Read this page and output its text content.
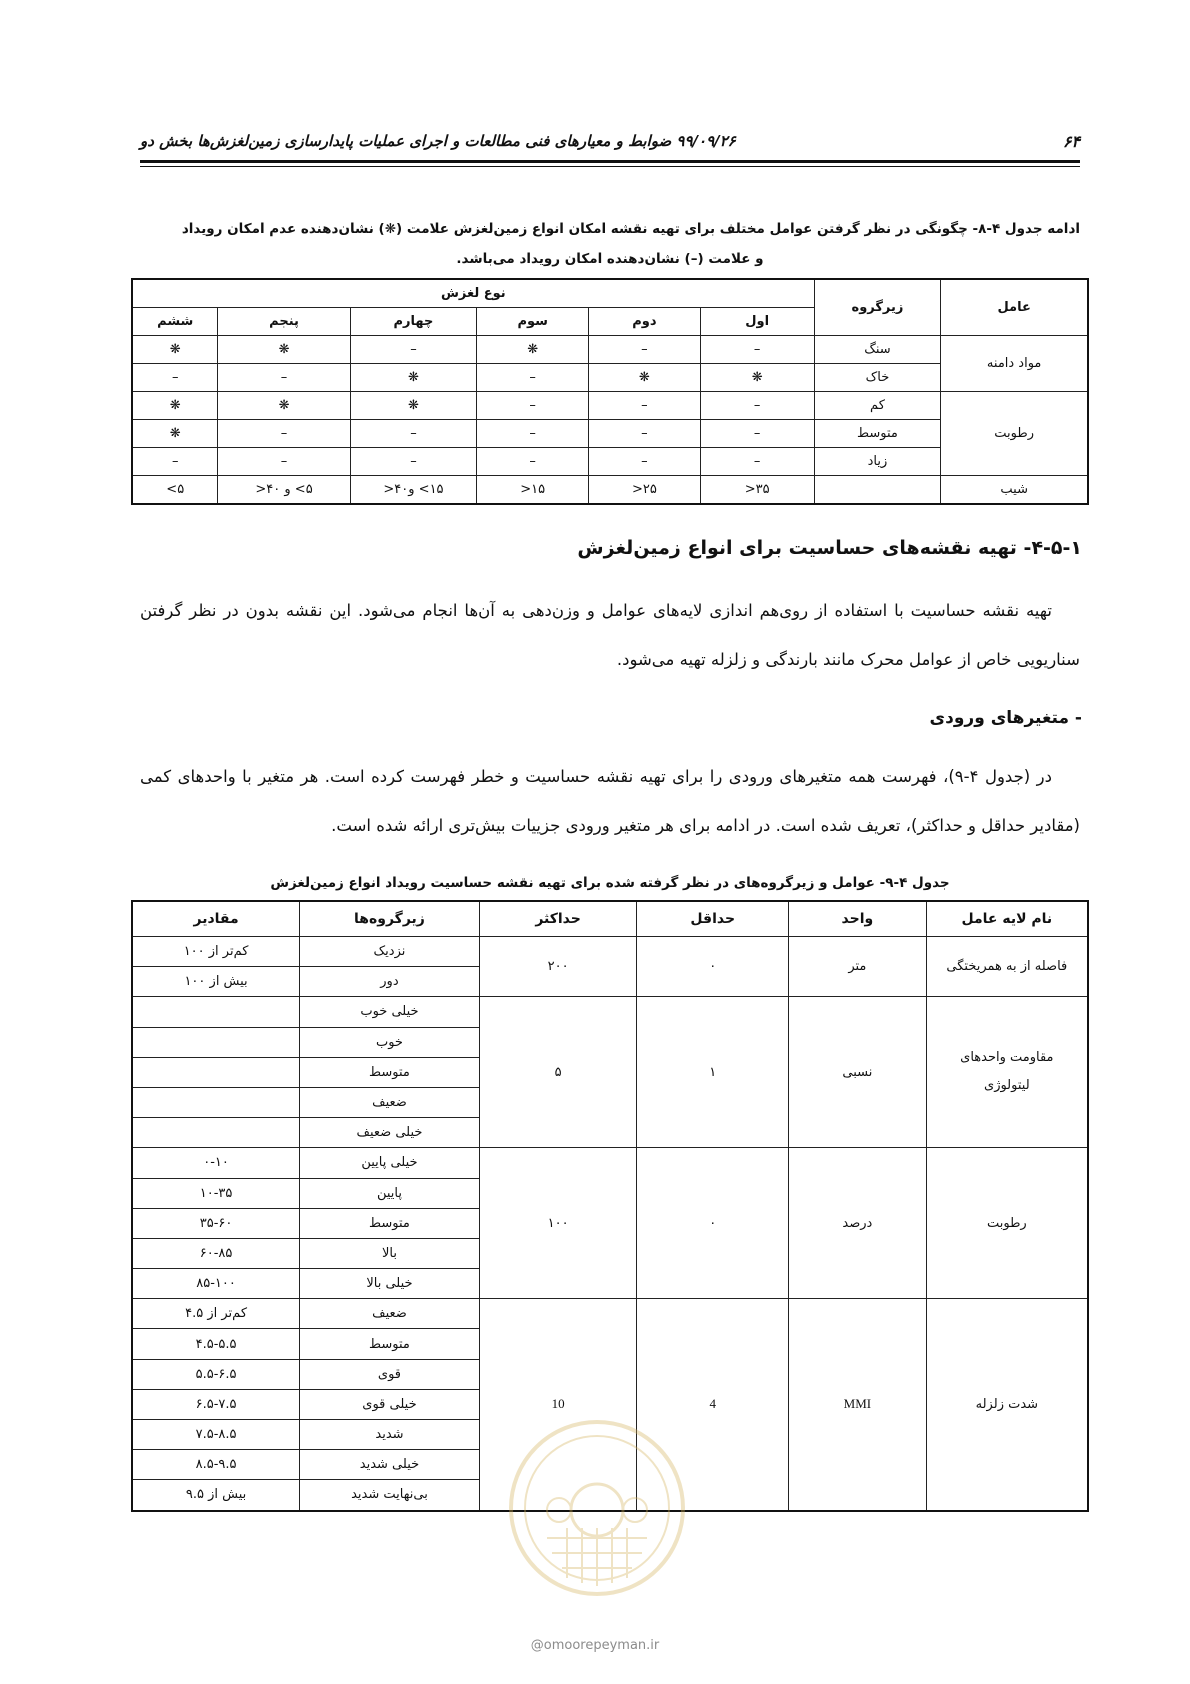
۶۴
۹۹/۰۹/۲۶ ضوابط و معیارهای فنی مطالعات و اجرای عملیات پایدارسازی زمین‌لغزش‌ها بخش دو
ادامه جدول ۴-۸- چگونگی در نظر گرفتن عوامل مختلف برای تهیه نقشه امکان انواع زمین‌لغزش علامت (❋) نشان‌دهنده عدم امکان رویداد
و علامت (–) نشان‌دهنده امکان رویداد می‌باشد.
عامل	زیرگروه	نوع لغزش					
		اول	دوم	سوم	چهارم	پنجم	ششم
مواد دامنه	سنگ	–	–	❋	–	❋	❋
	خاک	❋	❋	–	❋	–	–
رطوبت	کم	–	–	–	❋	❋	❋
	متوسط	–	–	–	–	–	❋
	زیاد	–	–	–	–	–	–
شیب		۳۵<	۲۵<	۱۵<	۱۵> و۴۰<	۵> و ۴۰<	۵>
۴-۵-۱- تهیه نقشه‌های حساسیت برای انواع زمین‌لغزش
تهیه نقشه حساسیت با استفاده از روی‌هم اندازی لایه‌های عوامل و وزن‌دهی به آن‌ها انجام می‌شود. این نقشه بدون در نظر گرفتن سناریویی خاص از عوامل محرک مانند بارندگی و زلزله تهیه می‌شود.
- متغیرهای ورودی
در (جدول ۴-۹)، فهرست همه متغیرهای ورودی را برای تهیه نقشه حساسیت و خطر فهرست کرده است. هر متغیر با واحدهای کمی (مقادیر حداقل و حداکثر)، تعریف شده است. در ادامه برای هر متغیر ورودی جزییات بیش‌تری ارائه شده است.
جدول ۴-۹- عوامل و زیرگروه‌های در نظر گرفته شده برای تهیه نقشه حساسیت رویداد انواع زمین‌لغزش
نام لایه عامل	واحد	حداقل	حداکثر	زیرگروه‌ها	مقادیر
فاصله از به همریختگی	متر	۰	۲۰۰	نزدیک	کم‌تر از ۱۰۰
				دور	بیش از ۱۰۰
مقاومت واحدهای لیتولوژی	نسبی	۱	۵	خیلی خوب	
				خوب	
				متوسط	
				ضعیف	
				خیلی ضعیف	
رطوبت	درصد	۰	۱۰۰	خیلی پایین	۰-۱۰
				پایین	۱۰-۳۵
				متوسط	۳۵-۶۰
				بالا	۶۰-۸۵
				خیلی بالا	۸۵-۱۰۰
شدت زلزله	MMI	4	10	ضعیف	کم‌تر از ۴.۵
				متوسط	۴.۵-۵.۵
				قوی	۵.۵-۶.۵
				خیلی قوی	۶.۵-۷.۵
				شدید	۷.۵-۸.۵
				خیلی شدید	۸.۵-۹.۵
				بی‌نهایت شدید	بیش از ۹.۵
@omoorepeyman.ir
